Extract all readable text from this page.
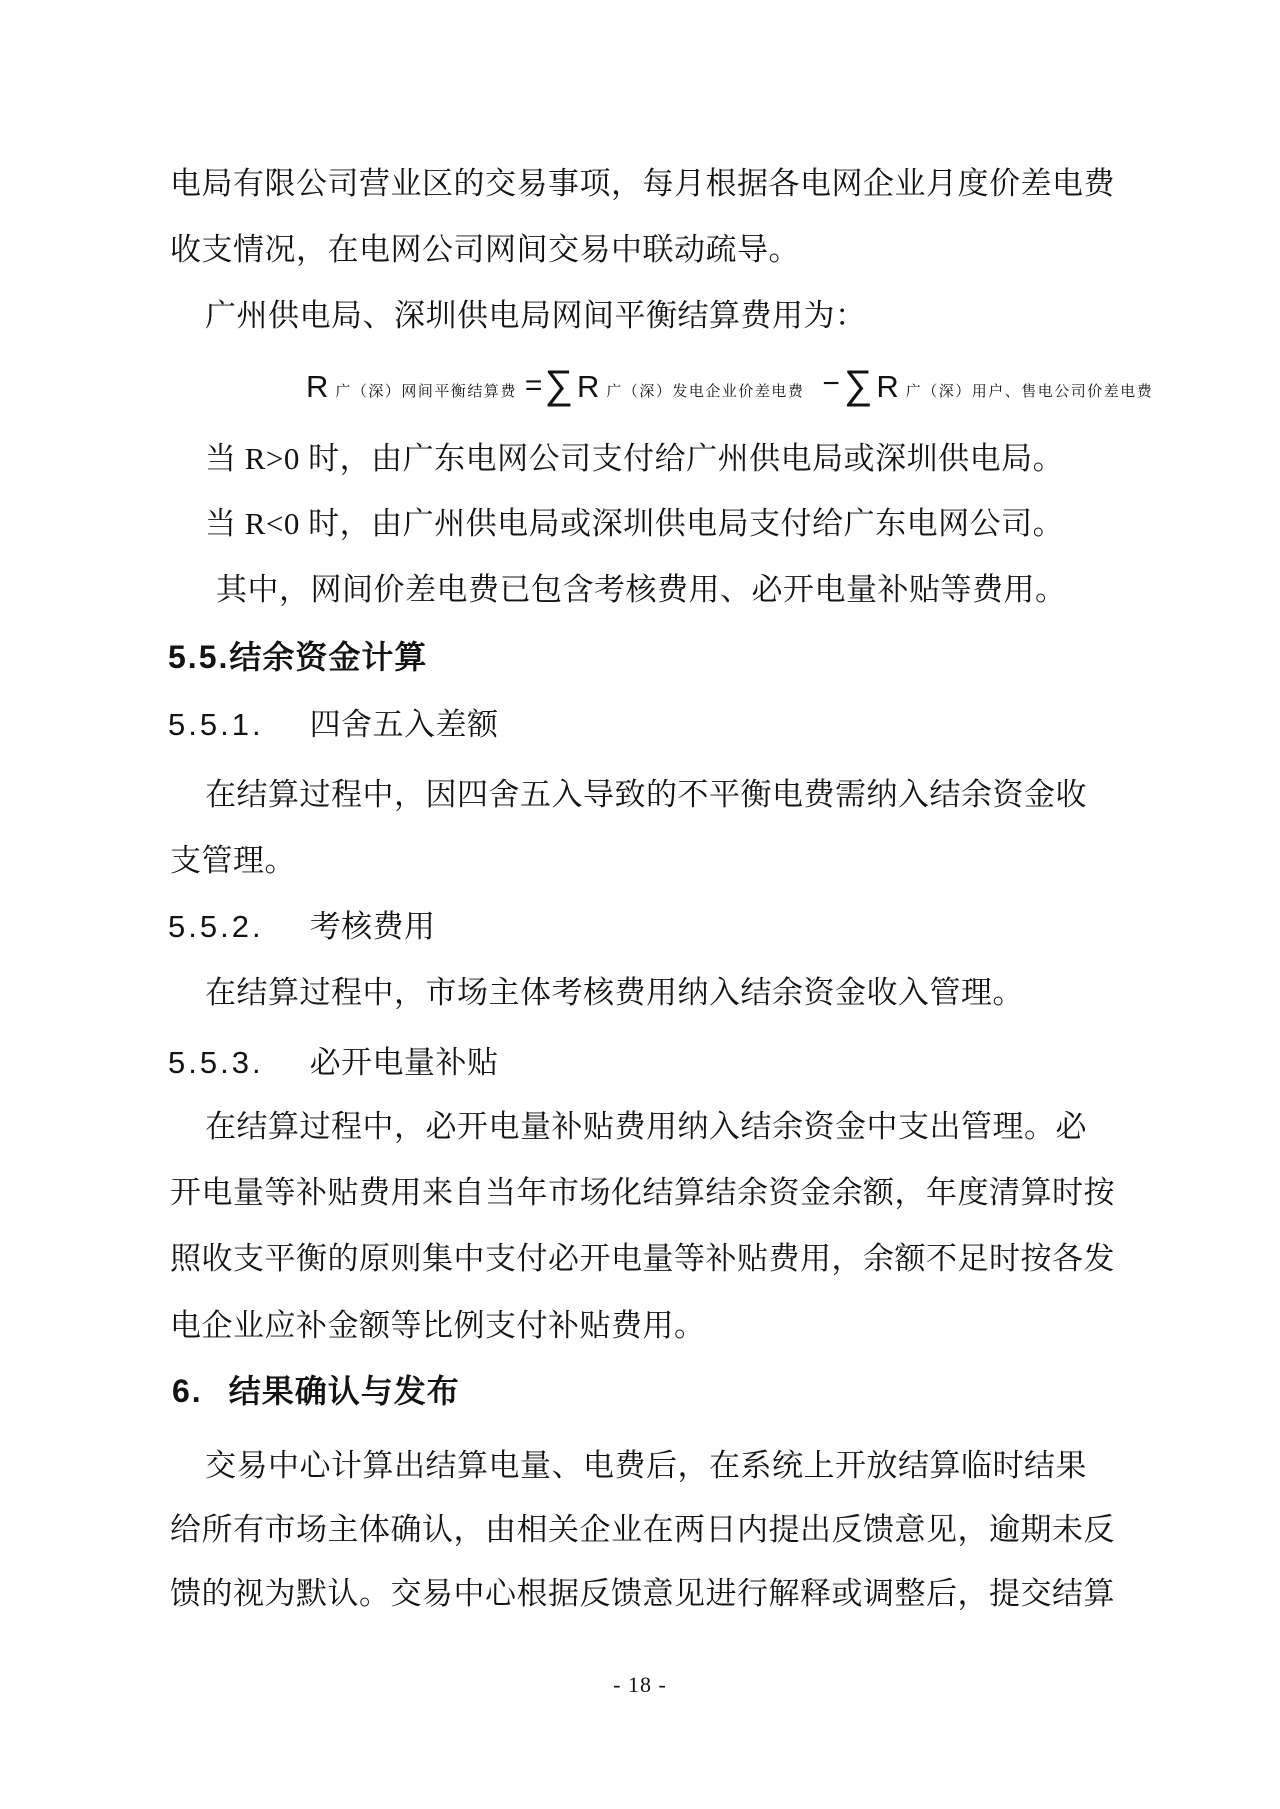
电局有限公司营业区的交易事项，每月根据各电网企业月度价差电费
收支情况，在电网公司网间交易中联动疏导。
广州供电局、深圳供电局网间平衡结算费用为：
R 广（深）网间平衡结算费 = ∑ R 广（深）发电企业价差电费 − ∑ R 广（深）用户、售电公司价差电费
当 R>0 时，由广东电网公司支付给广州供电局或深圳供电局。
当 R<0 时，由广州供电局或深圳供电局支付给广东电网公司。
其中，网间价差电费已包含考核费用、必开电量补贴等费用。
5.5.结余资金计算
5.5.1. 四舍五入差额
在结算过程中，因四舍五入导致的不平衡电费需纳入结余资金收
支管理。
5.5.2. 考核费用
在结算过程中，市场主体考核费用纳入结余资金收入管理。
5.5.3. 必开电量补贴
在结算过程中，必开电量补贴费用纳入结余资金中支出管理。必
开电量等补贴费用来自当年市场化结算结余资金余额，年度清算时按
照收支平衡的原则集中支付必开电量等补贴费用，余额不足时按各发
电企业应补金额等比例支付补贴费用。
6. 结果确认与发布
交易中心计算出结算电量、电费后，在系统上开放结算临时结果
给所有市场主体确认，由相关企业在两日内提出反馈意见，逾期未反
馈的视为默认。交易中心根据反馈意见进行解释或调整后，提交结算
- 18 -
